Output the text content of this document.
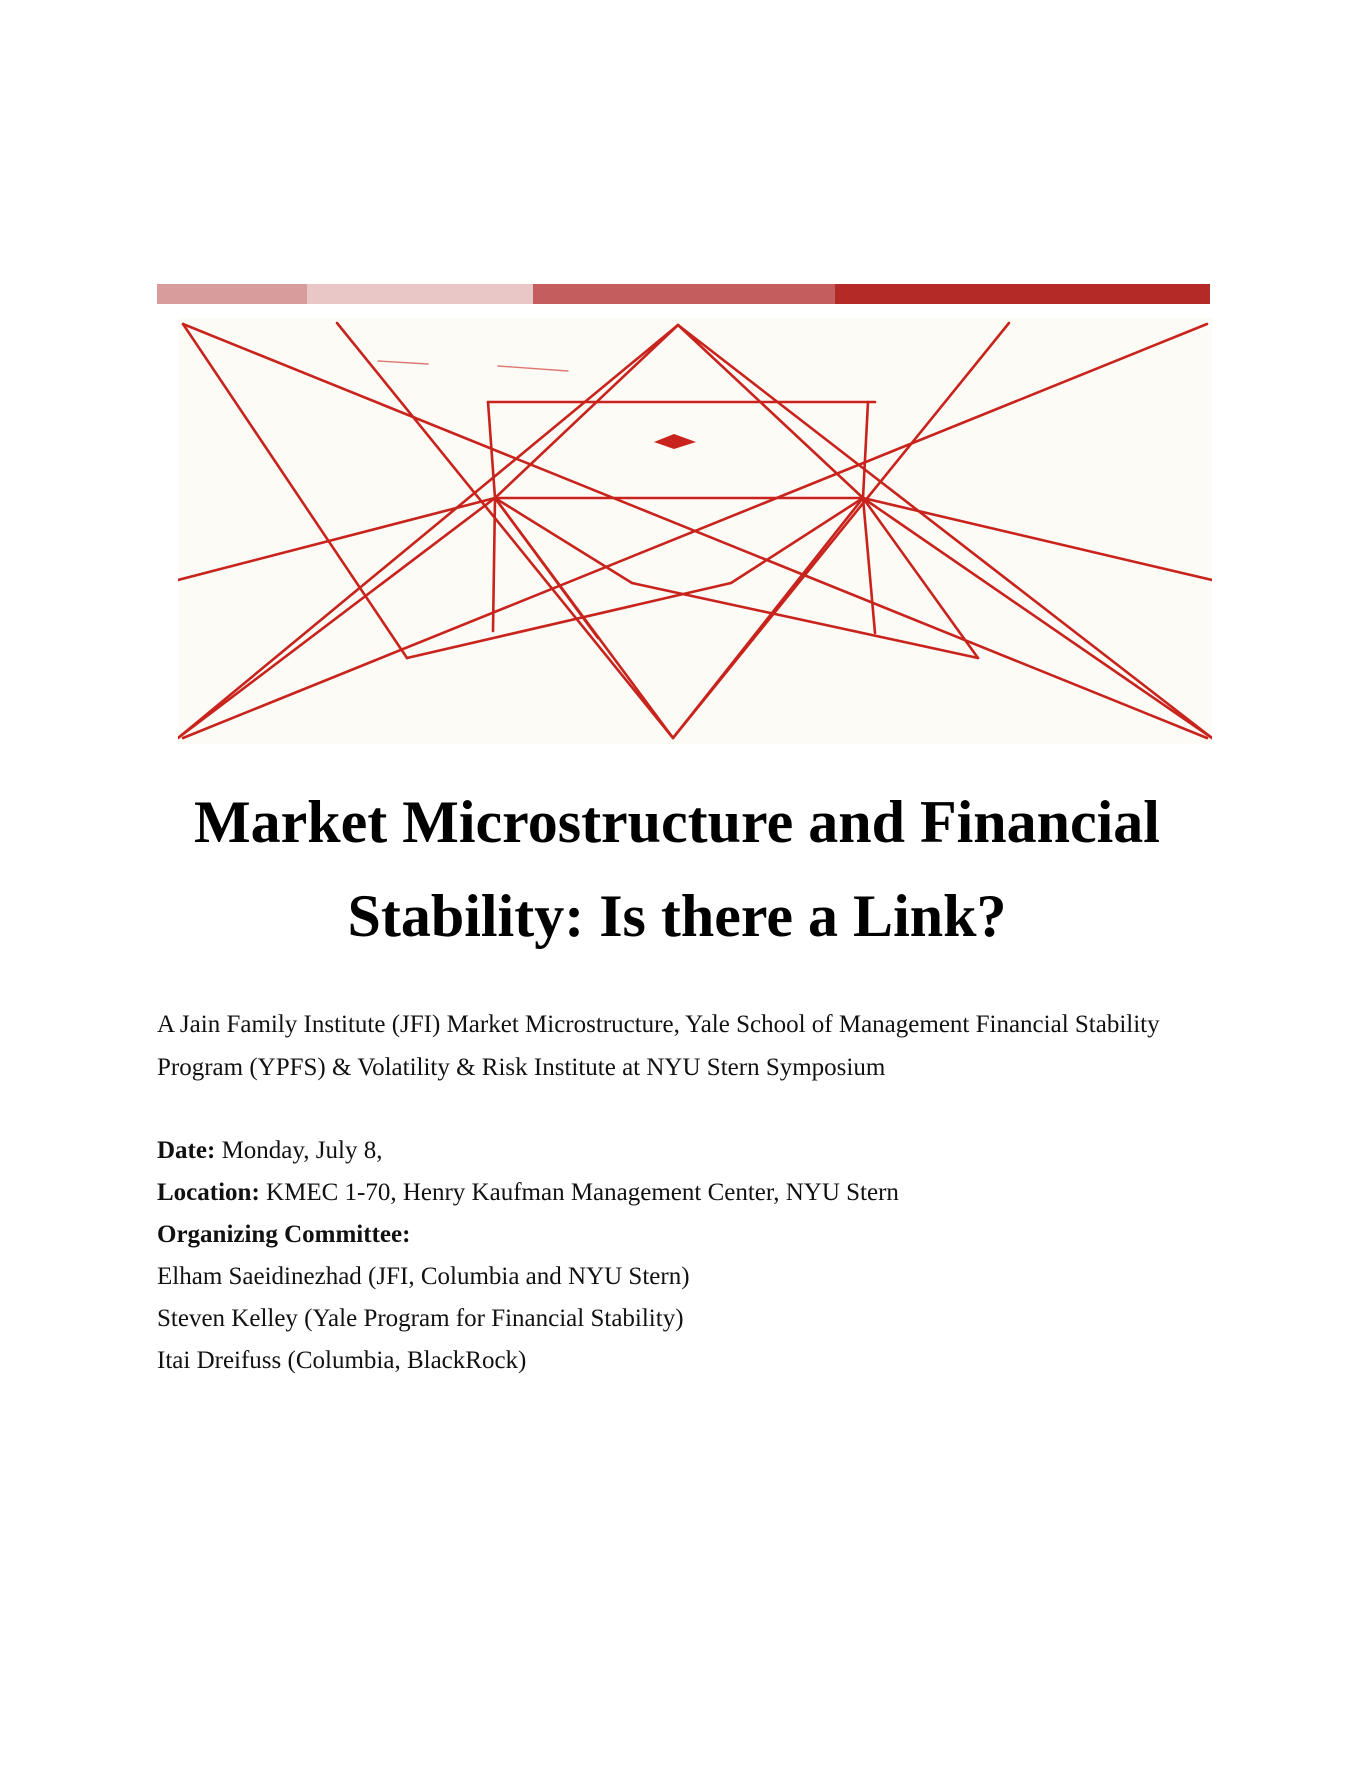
Market Microstructure and Financial
Stability: Is there a Link?

A Jain Family Institute (JFI) Market Microstructure, Yale School of Management Financial Stability
Program (YPFS) & Volatility & Risk Institute at NYU Stern Symposium

Date: Monday, July 8,
Location: KMEC 1-70, Henry Kaufman Management Center, NYU Stern
Organizing Committee:
Elham Saeidinezhad (JFI, Columbia and NYU Stern)
Steven Kelley (Yale Program for Financial Stability)
Itai Dreifuss (Columbia, BlackRock)
